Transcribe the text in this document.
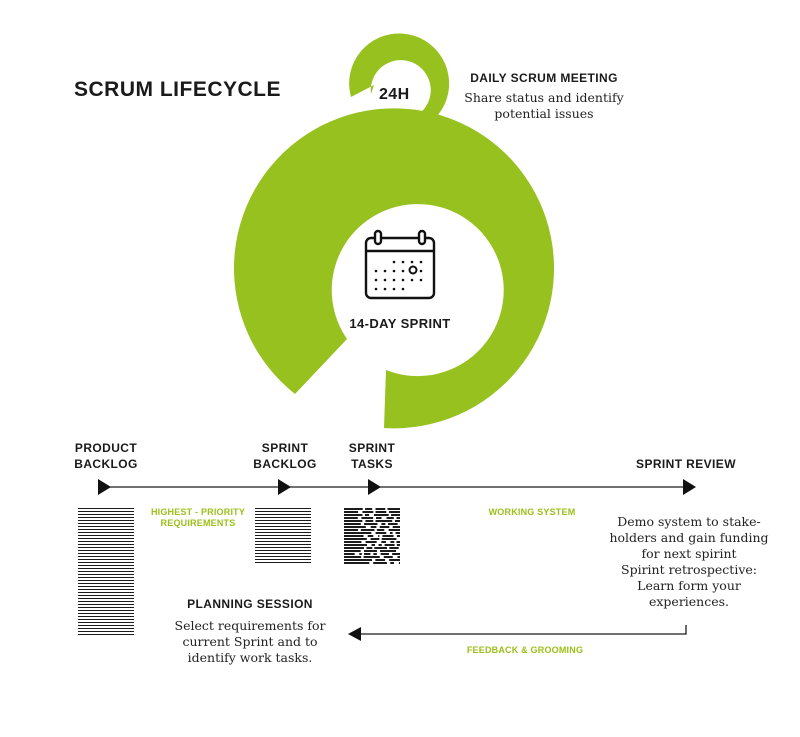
SCRUM LIFECYCLE	24H
DAILY SCRUM MEETING
Share status and identify
potential issues
14-DAY SPRINT
PRODUCT
BACKLOG
SPRINT
BACKLOG
SPRINT
TASKS	SPRINT REVIEW
HIGHEST - PRIORITY
REQUIREMENTS
WORKING SYSTEM
FEEDBACK & GROOMING
PLANNING SESSION
Select requirements for
current Sprint and to
identify work tasks.
Demo system to stake-
holders and gain funding
for next spirint
Spirint retrospective:
Learn form your
experiences.
